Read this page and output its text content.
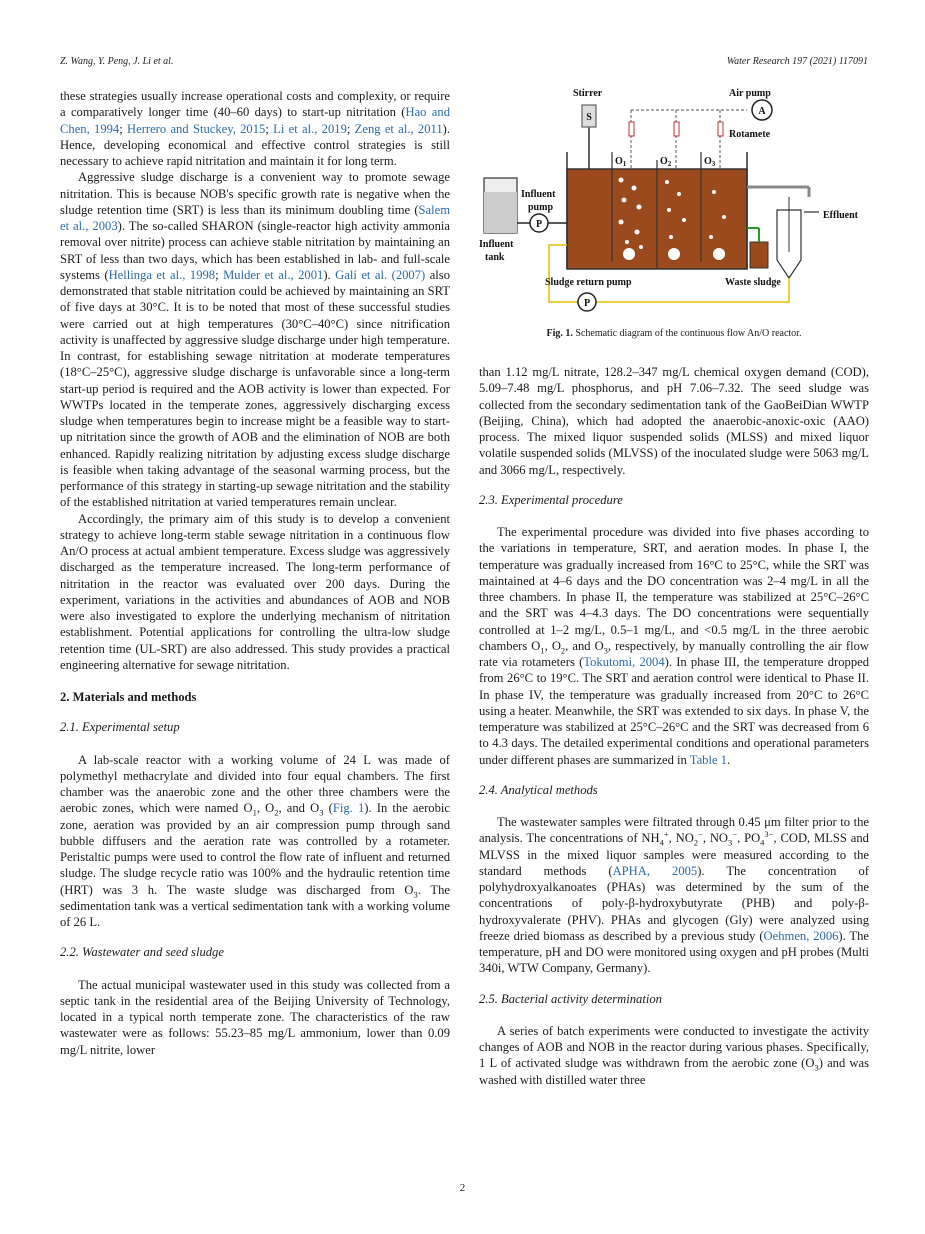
Z. Wang, Y. Peng, J. Li et al.	Water Research 197 (2021) 117091

these strategies usually increase operational costs and complexity, or require a comparatively longer time (40–60 days) to start-up nitritation (Hao and Chen, 1994; Herrero and Stuckey, 2015; Li et al., 2019; Zeng et al., 2011). Hence, developing economical and effective control strategies is still necessary to achieve rapid nitritation and maintain it for long term.

Aggressive sludge discharge is a convenient way to promote sewage nitritation. This is because NOB's specific growth rate is negative when the sludge retention time (SRT) is less than its minimum doubling time (Salem et al., 2003). The so-called SHARON (single-reactor high activity ammonia removal over nitrite) process can achieve stable nitritation by maintaining an SRT of less than two days, which has been established in lab- and full-scale systems (Hellinga et al., 1998; Mulder et al., 2001). Galí et al. (2007) also demonstrated that stable nitritation could be achieved by maintaining an SRT of five days at 30°C. It is to be noted that most of these successful studies were carried out at high temperatures (30°C–40°C) since nitrification activity is unaffected by aggressive sludge discharge under high temperature. In contrast, for establishing sewage nitritation at moderate temperatures (18°C–25°C), aggressive sludge discharge is unfavorable since a long-term start-up period is required and the AOB activity is lower than expected. For WWTPs located in the temperate zones, aggressively discharging excess sludge when temperatures begin to increase might be a feasible way to start-up nitritation since the growth of AOB and the elimination of NOB are both enhanced. Rapidly realizing nitritation by adjusting excess sludge discharge is feasible when taking advantage of the seasonal warming process, but the performance of this strategy in starting-up sewage nitritation and the stability of the established nitritation at varied temperatures remain unclear.

Accordingly, the primary aim of this study is to develop a convenient strategy to achieve long-term stable sewage nitritation in a continuous flow An/O process at actual ambient temperature. Excess sludge was aggressively discharged as the temperature increased. The long-term performance of nitritation in the reactor was evaluated over 200 days. During the experiment, variations in the activities and abundances of AOB and NOB were also investigated to explore the underlying mechanism of nitritation establishment. Potential applications for controlling the ultra-low sludge retention time (UL-SRT) are also addressed. This study provides a practical engineering alternative for sewage nitritation.

2. Materials and methods
2.1. Experimental setup

A lab-scale reactor with a working volume of 24 L was made of polymethyl methacrylate and divided into four equal chambers. The first chamber was the anaerobic zone and the other three chambers were the aerobic zones, which were named $O_1$, $O_2$, and $O_3$ (Fig. 1). In the aerobic zone, aeration was provided by an air compression pump through sand bubble diffusers and the aeration rate was controlled by a rotameter. Peristaltic pumps were used to control the flow rate of influent and returned sludge. The sludge recycle ratio was 100% and the hydraulic retention time (HRT) was 3 h. The waste sludge was discharged from $O_3$. The sedimentation tank was a vertical sedimentation tank with a working volume of 26 L.

2.2. Wastewater and seed sludge

The actual municipal wastewater used in this study was collected from a septic tank in the residential area of the Beijing University of Technology, located in a typical north temperate zone. The characteristics of the raw wastewater were as follows: 55.23–85 mg/L ammonium, lower than 0.09 mg/L nitrite, lower

A
Air pump
Rotamete
Stirrer
S
$O_1$	$O_2$	$O_3$
Influent
pump
P
Influent
tank
Effluent
Waste sludge
P
Sludge return pump
Fig. 1. Schematic diagram of the continuous flow An/O reactor.

than 1.12 mg/L nitrate, 128.2–347 mg/L chemical oxygen demand (COD), 5.09–7.48 mg/L phosphorus, and pH 7.06–7.32. The seed sludge was collected from the secondary sedimentation tank of the GaoBeiDian WWTP (Beijing, China), which had adopted the anaerobic-anoxic-oxic (AAO) process. The mixed liquor suspended solids (MLSS) and mixed liquor volatile suspended solids (MLVSS) of the inoculated sludge were 5063 mg/L and 3066 mg/L, respectively.

2.3. Experimental procedure

The experimental procedure was divided into five phases according to the variations in temperature, SRT, and aeration modes. In phase I, the temperature was gradually increased from 16°C to 25°C, while the SRT was maintained at 4–6 days and the DO concentration was 2–4 mg/L in all the three chambers. In phase II, the temperature was stabilized at 25°C–26°C and the SRT was 4–4.3 days. The DO concentrations were sequentially controlled at 1–2 mg/L, 0.5–1 mg/L, and <0.5 mg/L in the three aerobic chambers $O_1$, $O_2$, and $O_3$, respectively, by manually controlling the air flow rate via rotameters (Tokutomi, 2004). In phase III, the temperature dropped from 26°C to 19°C. The SRT and aeration control were identical to Phase II. In phase IV, the temperature was gradually increased from 20°C to 26°C using a heater. Meanwhile, the SRT was extended to six days. In phase V, the temperature was stabilized at 25°C–26°C and the SRT was decreased from 6 to 4.3 days. The detailed experimental conditions and operational parameters under different phases are summarized in Table 1.

2.4. Analytical methods

The wastewater samples were filtrated through 0.45 μm filter prior to the analysis. The concentrations of $NH_4^+$, $NO_2^-$, $NO_3^-$, $PO_4^{3-}$, COD, MLSS and MLVSS in the mixed liquor samples were measured according to the standard methods (APHA, 2005). The concentration of polyhydroxyalkanoates (PHAs) was determined by the sum of the concentrations of poly-β-hydroxybutyrate (PHB) and poly-β-hydroxyvalerate (PHV). PHAs and glycogen (Gly) were analyzed using freeze dried biomass as described by a previous study (Oehmen, 2006). The temperature, pH and DO were monitored using oxygen and pH probes (Multi 340i, WTW Company, Germany).

2.5. Bacterial activity determination

A series of batch experiments were conducted to investigate the activity changes of AOB and NOB in the reactor during various phases. Specifically, 1 L of activated sludge was withdrawn from the aerobic zone $(O_3)$ and was washed with distilled water three

2
